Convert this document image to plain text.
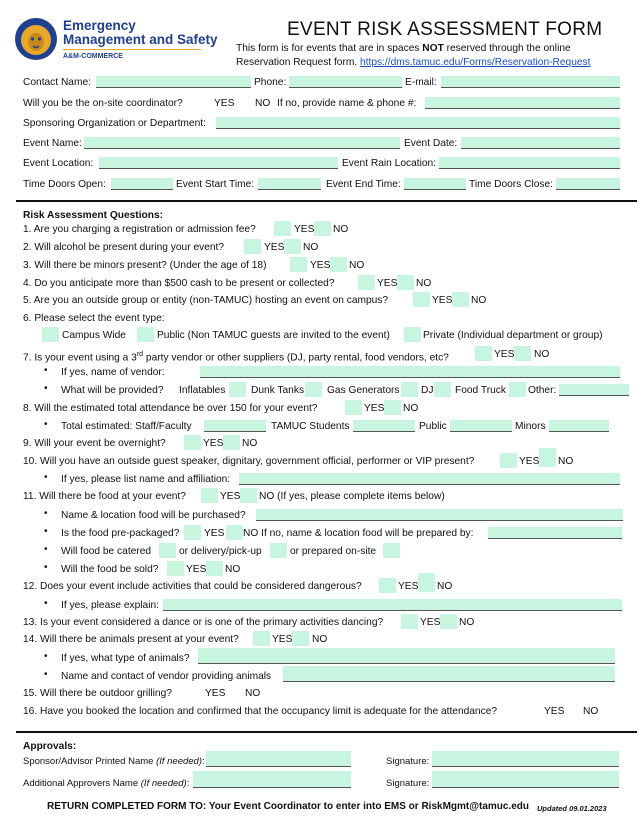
Emergency
Management and Safety
A&M-COMMERCE
EVENT RISK ASSESSMENT FORM
This form is for events that are in spaces NOT reserved through the online
Reservation Request form. https://dms.tamuc.edu/Forms/Reservation-Request
Contact Name:	Phone:	E-mail:
Will you be the on-site coordinator?	YES NO If no, provide name & phone #:
Sponsoring Organization or Department:
Event Name:	Event Date:
Event Location:	Event Rain Location:
Time Doors Open:	Event Start Time:	Event End Time:	Time Doors Close:
Risk Assessment Questions:
1. Are you charging a registration or admission fee?	YES NO
2. Will alcohol be present during your event?	YES NO
3. Will there be minors present? (Under the age of 18)	YES NO
4. Do you anticipate more than $500 cash to be present or collected?	YES NO
5. Are you an outside group or entity (non-TAMUC) hosting an event on campus?	YES NO
6. Please select the event type:
Campus Wide	Public (Non TAMUC guests are invited to the event)	Private (Individual department or group)
7. Is your event using a 3rd party vendor or other suppliers (DJ, party rental, food vendors, etc?	YES NO
• If yes, name of vendor:
• What will be provided? Inflatables	Dunk Tanks Gas Generators DJ Food Truck Other:
8. Will the estimated total attendance be over 150 for your event?	YES NO
• Total estimated: Staff/Faculty	TAMUC Students	Public	Minors
9. Will your event be overnight?	YES NO
10. Will you have an outside guest speaker, dignitary, government official, performer or VIP present?	YES NO
• If yes, please list name and affiliation:
11. Will there be food at your event?	YES NO (If yes, please complete items below)
• Name & location food will be purchased?
• Is the food pre-packaged? YES NO If no, name & location food will be prepared by:
• Will food be catered	or delivery/pick-up	or prepared on-site
• Will the food be sold?	YES NO
12. Does your event include activities that could be considered dangerous?	YES NO
• If yes, please explain:
13. Is your event considered a dance or is one of the primary activities dancing?	YES NO
14. Will there be animals present at your event?	YES NO
• If yes, what type of animals?
• Name and contact of vendor providing animals
15. Will there be outdoor grilling?	YES NO
16. Have you booked the location and confirmed that the occupancy limit is adequate for the attendance?	YES NO
Approvals:
Sponsor/Advisor Printed Name (If needed):	Signature:
Additional Approvers Name (If needed):	Signature:
RETURN COMPLETED FORM TO: Your Event Coordinator to enter into EMS or RiskMgmt@tamuc.edu Updated 09.01.2023
